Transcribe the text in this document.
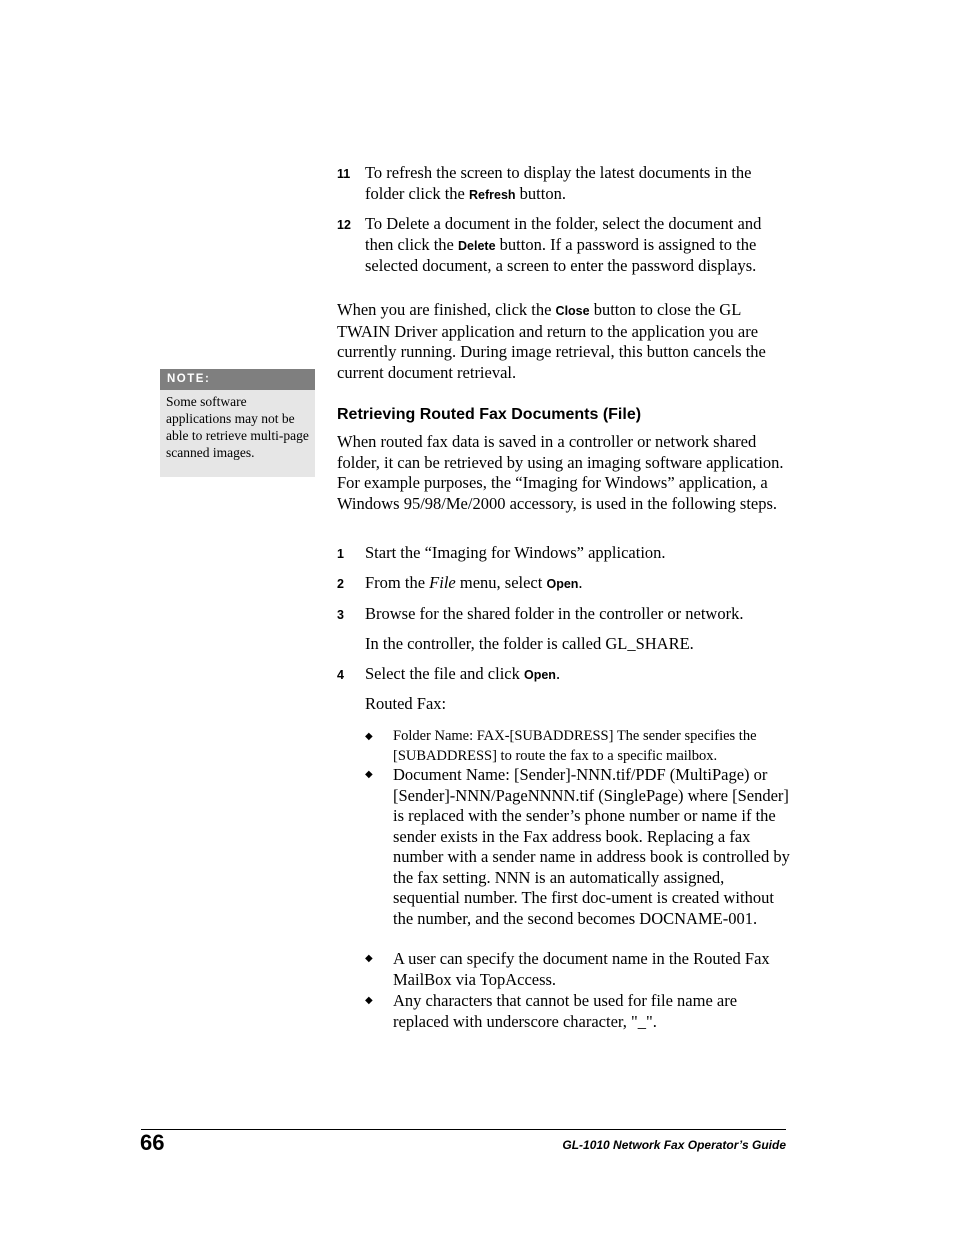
11 To refresh the screen to display the latest documents in the folder click the Refresh button.
12 To Delete a document in the folder, select the document and then click the Delete button. If a password is assigned to the selected document, a screen to enter the password displays.
When you are finished, click the Close button to close the GL TWAIN Driver application and return to the application you are currently running. During image retrieval, this button cancels the current document retrieval.
NOTE:
Some software applications may not be able to retrieve multi-page scanned images.
Retrieving Routed Fax Documents (File)
When routed fax data is saved in a controller or network shared folder, it can be retrieved by using an imaging software application. For example purposes, the “Imaging for Windows” application, a Windows 95/98/Me/2000 accessory, is used in the following steps.
1 Start the “Imaging for Windows” application.
2 From the File menu, select Open.
3 Browse for the shared folder in the controller or network.
In the controller, the folder is called GL_SHARE.
4 Select the file and click Open.
Routed Fax:
◆ Folder Name: FAX-[SUBADDRESS] The sender specifies the [SUBADDRESS] to route the fax to a specific mailbox.
◆ Document Name: [Sender]-NNN.tif/PDF (MultiPage) or [Sender]-NNN/PageNNNN.tif (SinglePage) where [Sender] is replaced with the sender’s phone number or name if the sender exists in the Fax address book. Replacing a fax number with a sender name in address book is controlled by the fax setting. NNN is an automatically assigned, sequential number. The first doc-ument is created without the number, and the second becomes DOCNAME-001.
◆ A user can specify the document name in the Routed Fax MailBox via TopAccess.
◆ Any characters that cannot be used for file name are replaced with underscore character, "_".
66	GL-1010 Network Fax Operator’s Guide
